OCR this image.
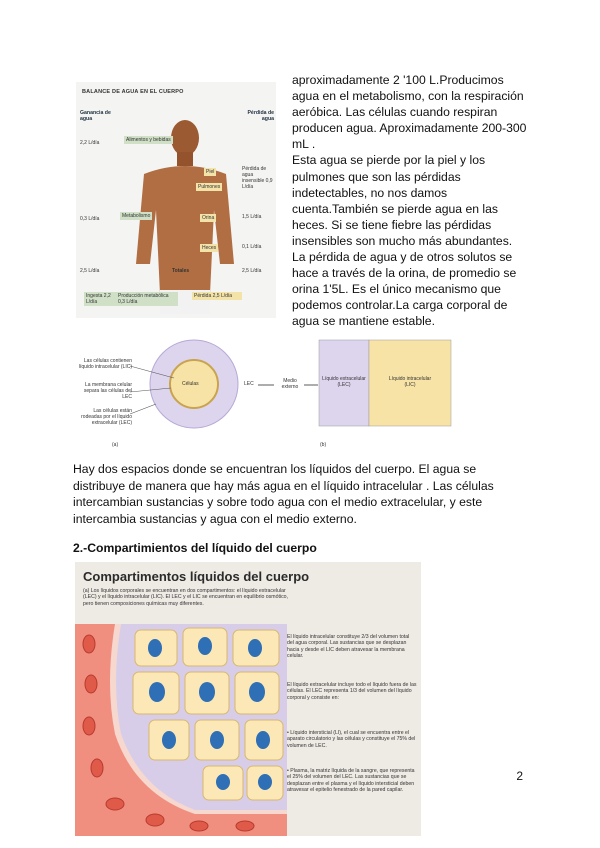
BALANCE DE AGUA EN EL CUERPO
Ganancia de agua
Pérdida de agua
Alimentos y bebidas
Metabolismo
Piel
Pulmones
Orina
Heces
Pérdida de agua insensible 0,9 L/día
2,2 L/día
0,3 L/día
2,5 L/día
1,5 L/día
0,1 L/día
2,5 L/día
Totales
Ingesta 2,2 L/día
Producción metabólica 0,3 L/día
Pérdida 2,5 L/día

aproximadamente 2 '100 L.Producimos

agua en el metabolismo, con la respiración

aeróbica. Las células cuando respiran

producen agua. Aproximadamente 200-300

mL .

Esta agua se pierde por la piel y los

pulmones que son las pérdidas

indetectables, no nos damos

cuenta.También se pierde agua en las

heces. Si se tiene fiebre las pérdidas

insensibles son mucho más abundantes.

La pérdida de agua y de otros solutos se

hace a través de la orina, de promedio se

orina 1'5L. Es el único mecanismo que

podemos controlar.La carga corporal de

agua se mantiene estable.

Las células contienen líquido intracelular (LIC)
La membrana celular separa las células del LEC
Las células están rodeadas por el líquido extracelular (LEC)
Células	LEC	Medio externo
Líquido extracelular (LEC)
Líquido intracelular (LIC)
(a)	(b)
Hay dos espacios donde se encuentran los líquidos del cuerpo. El agua se
distribuye de manera que hay más agua en el líquido intracelular . Las células
intercambian sustancias y sobre todo agua con el medio extracelular, y este
intercambia sustancias y agua con el medio externo.
2.-Compartimientos del líquido del cuerpo
Compartimentos líquidos del cuerpo
(a) Los líquidos corporales se encuentran en dos compartimentos: el líquido extracelular (LEC) y el líquido intracelular (LIC). El LEC y el LIC se encuentran en equilibrio osmótico, pero tienen composiciones químicas muy diferentes.
El líquido intracelular constituye 2/3 del volumen total del agua corporal. Las sustancias que se desplazan hacia y desde el LIC deben atravesar la membrana celular.
El líquido extracelular incluye todo el líquido fuera de las células. El LEC representa 1/3 del volumen del líquido corporal y consiste en:
• Líquido intersticial (LI), el cual se encuentra entre el aparato circulatorio y las células y constituye el 75% del volumen de LEC.
• Plasma, la matriz líquida de la sangre, que representa el 25% del volumen del LEC. Las sustancias que se desplazan entre el plasma y el líquido intersticial deben atravesar el epitelio fenestrado de la pared capilar.
2
